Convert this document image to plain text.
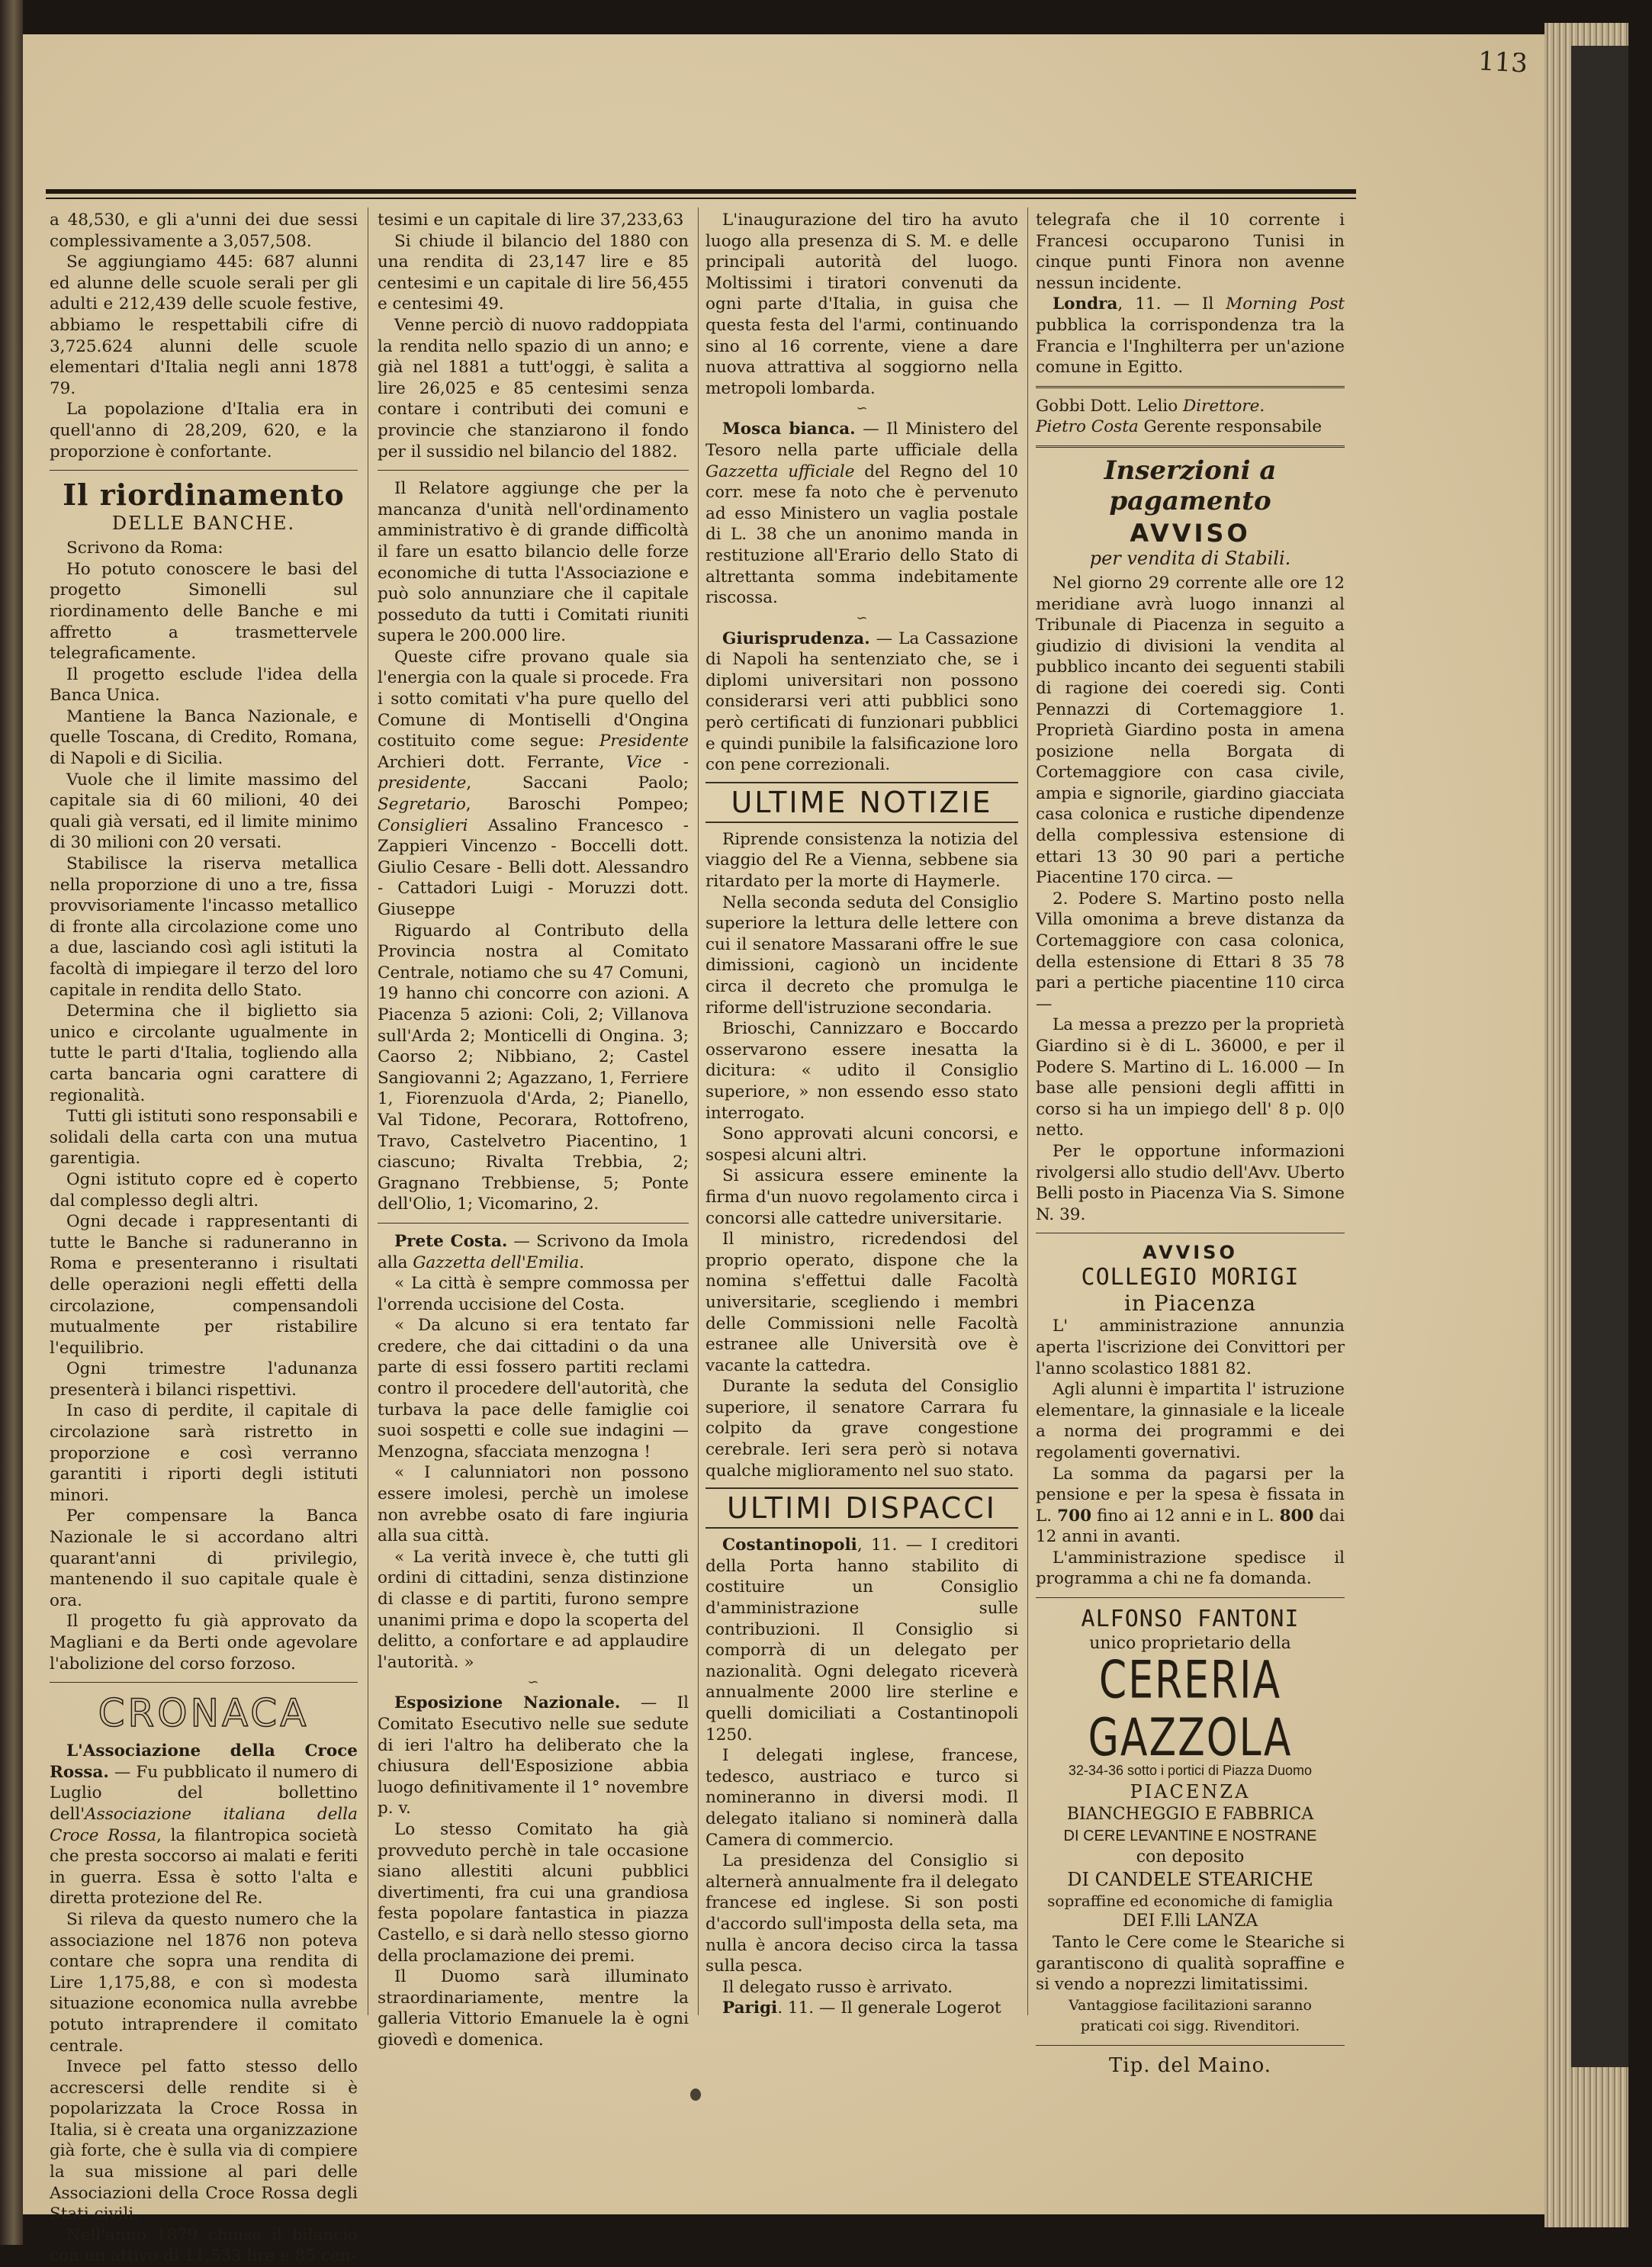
113

a 48,530, e gli a'unni dei due sessi complessivamente a 3,057,508.

Se aggiungiamo 445: 687 alunni ed alunne delle scuole serali per gli adulti e 212,439 delle scuole festive, abbiamo le respettabili cifre di 3,725.624 alunni delle scuole elementari d'Italia negli anni 1878 79.

La popolazione d'Italia era in quell'anno di 28,209, 620, e la proporzione è confortante.

Il riordinamento
DELLE BANCHE.

Scrivono da Roma:

Ho potuto conoscere le basi del progetto Simonelli sul riordinamento delle Banche e mi affretto a trasmettervele telegraficamente.

Il progetto esclude l'idea della Banca Unica.

Mantiene la Banca Nazionale, e quelle Toscana, di Credito, Romana, di Napoli e di Sicilia.

Vuole che il limite massimo del capitale sia di 60 milioni, 40 dei quali già versati, ed il limite minimo di 30 milioni con 20 versati.

Stabilisce la riserva metallica nella proporzione di uno a tre, fissa provvisoriamente l'incasso metallico di fronte alla circolazione come uno a due, lasciando così agli istituti la facoltà di impiegare il terzo del loro capitale in rendita dello Stato.

Determina che il biglietto sia unico e circolante ugualmente in tutte le parti d'Italia, togliendo alla carta bancaria ogni carattere di regionalità.

Tutti gli istituti sono responsabili e solidali della carta con una mutua garentigia.

Ogni istituto copre ed è coperto dal complesso degli altri.

Ogni decade i rappresentanti di tutte le Banche si raduneranno in Roma e presenteranno i risultati delle operazioni negli effetti della circolazione, compensandoli mutualmente per ristabilire l'equilibrio.

Ogni trimestre l'adunanza presenterà i bilanci rispettivi.

In caso di perdite, il capitale di circolazione sarà ristretto in proporzione e così verranno garantiti i riporti degli istituti minori.

Per compensare la Banca Nazionale le si accordano altri quarant'anni di privilegio, mantenendo il suo capitale quale è ora.

Il progetto fu già approvato da Magliani e da Berti onde agevolare l'abolizione del corso forzoso.

CRONACA

L'Associazione della Croce Rossa. — Fu pubblicato il numero di Luglio del bollettino dell'Associazione italiana della Croce Rossa, la filantropica società che presta soccorso ai malati e feriti in guerra. Essa è sotto l'alta e diretta protezione del Re.

Si rileva da questo numero che la associazione nel 1876 non poteva contare che sopra una rendita di Lire 1,175,88, e con sì modesta situazione economica nulla avrebbe potuto intraprendere il comitato centrale.

Invece pel fatto stesso dello accrescersi delle rendite si è popolarizzata la Croce Rossa in Italia, si è creata una organizzazione già forte, che è sulla via di compiere la sua missione al pari delle Associazioni della Croce Rossa degli Stati civili.

Nell'anno 1879 chiuse il bilancio con un attivo di 11,533 lire e 85 cen-

tesimi e un capitale di lire 37,233,63

Si chiude il bilancio del 1880 con una rendita di 23,147 lire e 85 centesimi e un capitale di lire 56,455 e centesimi 49.

Venne perciò di nuovo raddoppiata la rendita nello spazio di un anno; e già nel 1881 a tutt'oggi, è salita a lire 26,025 e 85 centesimi senza contare i contributi dei comuni e provincie che stanziarono il fondo per il sussidio nel bilancio del 1882.

Il Relatore aggiunge che per la mancanza d'unità nell'ordinamento amministrativo è di grande difficoltà il fare un esatto bilancio delle forze economiche di tutta l'Associazione e può solo annunziare che il capitale posseduto da tutti i Comitati riuniti supera le 200.000 lire.

Queste cifre provano quale sia l'energia con la quale si procede. Fra i sotto comitati v'ha pure quello del Comune di Montiselli d'Ongina costituito come segue: Presidente Archieri dott. Ferrante, Vice - presidente, Saccani Paolo; Segretario, Baroschi Pompeo; Consiglieri Assalino Francesco - Zappieri Vincenzo - Boccelli dott. Giulio Cesare - Belli dott. Alessandro - Cattadori Luigi - Moruzzi dott. Giuseppe

Riguardo al Contributo della Provincia nostra al Comitato Centrale, notiamo che su 47 Comuni, 19 hanno chi concorre con azioni. A Piacenza 5 azioni: Coli, 2; Villanova sull'Arda 2; Monticelli di Ongina. 3; Caorso 2; Nibbiano, 2; Castel Sangiovanni 2; Agazzano, 1, Ferriere 1, Fiorenzuola d'Arda, 2; Pianello, Val Tidone, Pecorara, Rottofreno, Travo, Castelvetro Piacentino, 1 ciascuno; Rivalta Trebbia, 2; Gragnano Trebbiense, 5; Ponte dell'Olio, 1; Vicomarino, 2.

Prete Costa. — Scrivono da Imola alla Gazzetta dell'Emilia.

« La città è sempre commossa per l'orrenda uccisione del Costa.

« Da alcuno si era tentato far credere, che dai cittadini o da una parte di essi fossero partiti reclami contro il procedere dell'autorità, che turbava la pace delle famiglie coi suoi sospetti e colle sue indagini — Menzogna, sfacciata menzogna !

« I calunniatori non possono essere imolesi, perchè un imolese non avrebbe osato di fare ingiuria alla sua città.

« La verità invece è, che tutti gli ordini di cittadini, senza distinzione di classe e di partiti, furono sempre unanimi prima e dopo la scoperta del delitto, a confortare e ad applaudire l'autorità. »

∽

Esposizione Nazionale. — Il Comitato Esecutivo nelle sue sedute di ieri l'altro ha deliberato che la chiusura dell'Esposizione abbia luogo definitivamente il 1° novembre p. v.

Lo stesso Comitato ha già provveduto perchè in tale occasione siano allestiti alcuni pubblici divertimenti, fra cui una grandiosa festa popolare fantastica in piazza Castello, e si darà nello stesso giorno della proclamazione dei premi.

Il Duomo sarà illuminato straordinariamente, mentre la galleria Vittorio Emanuele la è ogni giovedì e domenica.

L'inaugurazione del tiro ha avuto luogo alla presenza di S. M. e delle principali autorità del luogo. Moltissimi i tiratori convenuti da ogni parte d'Italia, in guisa che questa festa del l'armi, continuando sino al 16 corrente, viene a dare nuova attrattiva al soggiorno nella metropoli lombarda.

∽

Mosca bianca. — Il Ministero del Tesoro nella parte ufficiale della Gazzetta ufficiale del Regno del 10 corr. mese fa noto che è pervenuto ad esso Ministero un vaglia postale di L. 38 che un anonimo manda in restituzione all'Erario dello Stato di altrettanta somma indebitamente riscossa.

∽

Giurisprudenza. — La Cassazione di Napoli ha sentenziato che, se i diplomi universitari non possono considerarsi veri atti pubblici sono però certificati di funzionari pubblici e quindi punibile la falsificazione loro con pene correzionali.

ULTIME NOTIZIE

Riprende consistenza la notizia del viaggio del Re a Vienna, sebbene sia ritardato per la morte di Haymerle.

Nella seconda seduta del Consiglio superiore la lettura delle lettere con cui il senatore Massarani offre le sue dimissioni, cagionò un incidente circa il decreto che promulga le riforme dell'istruzione secondaria.

Brioschi, Cannizzaro e Boccardo osservarono essere inesatta la dicitura: « udito il Consiglio superiore, » non essendo esso stato interrogato.

Sono approvati alcuni concorsi, e sospesi alcuni altri.

Si assicura essere eminente la firma d'un nuovo regolamento circa i concorsi alle cattedre universitarie.

Il ministro, ricredendosi del proprio operato, dispone che la nomina s'effettui dalle Facoltà universitarie, scegliendo i membri delle Commissioni nelle Facoltà estranee alle Università ove è vacante la cattedra.

Durante la seduta del Consiglio superiore, il senatore Carrara fu colpito da grave congestione cerebrale. Ieri sera però si notava qualche miglioramento nel suo stato.

ULTIMI DISPACCI

Costantinopoli, 11. — I creditori della Porta hanno stabilito di costituire un Consiglio d'amministrazione sulle contribuzioni. Il Consiglio si comporrà di un delegato per nazionalità. Ogni delegato riceverà annualmente 2000 lire sterline e quelli domiciliati a Costantinopoli 1250.

I delegati inglese, francese, tedesco, austriaco e turco si nomineranno in diversi modi. Il delegato italiano si nominerà dalla Camera di commercio.

La presidenza del Consiglio si alternerà annualmente fra il delegato francese ed inglese. Si son posti d'accordo sull'imposta della seta, ma nulla è ancora deciso circa la tassa sulla pesca.

Il delegato russo è arrivato.

Parigi. 11. — Il generale Logerot

telegrafa che il 10 corrente i Francesi occuparono Tunisi in cinque punti Finora non avenne nessun incidente.

Londra, 11. — Il Morning Post pubblica la corrispondenza tra la Francia e l'Inghilterra per un'azione comune in Egitto.

Gobbi Dott. Lelio Direttore.

Pietro Costa Gerente responsabile

Inserzioni a pagamento
AVVISO
per vendita di Stabili.

Nel giorno 29 corrente alle ore 12 meridiane avrà luogo innanzi al Tribunale di Piacenza in seguito a giudizio di divisioni la vendita al pubblico incanto dei seguenti stabili di ragione dei coeredi sig. Conti Pennazzi di Cortemaggiore 1. Proprietà Giardino posta in amena posizione nella Borgata di Cortemaggiore con casa civile, ampia e signorile, giardino giacciata casa colonica e rustiche dipendenze della complessiva estensione di ettari 13 30 90 pari a pertiche Piacentine 170 circa. —

2. Podere S. Martino posto nella Villa omonima a breve distanza da Cortemaggiore con casa colonica, della estensione di Ettari 8 35 78 pari a pertiche piacentine 110 circa —

La messa a prezzo per la proprietà Giardino si è di L. 36000, e per il Podere S. Martino di L. 16.000 — In base alle pensioni degli affitti in corso si ha un impiego dell' 8 p. 0|0 netto.

Per le opportune informazioni rivolgersi allo studio dell'Avv. Uberto Belli posto in Piacenza Via S. Simone N. 39.

AVVISO
COLLEGIO MORIGI
in Piacenza

L' amministrazione annunzia aperta l'iscrizione dei Convittori per l'anno scolastico 1881 82.

Agli alunni è impartita l' istruzione elementare, la ginnasiale e la liceale a norma dei programmi e dei regolamenti governativi.

La somma da pagarsi per la pensione e per la spesa è fissata in L. 700 fino ai 12 anni e in L. 800 dai 12 anni in avanti.

L'amministrazione spedisce il programma a chi ne fa domanda.

ALFONSO FANTONI
unico proprietario della
CERERIA GAZZOLA
32-34-36 sotto i portici di Piazza Duomo
PIACENZA
BIANCHEGGIO E FABBRICA
DI CERE LEVANTINE E NOSTRANE
con deposito
DI CANDELE STEARICHE
sopraffine ed economiche di famiglia
DEI F.lli LANZA

Tanto le Cere come le Steariche si garantiscono di qualità sopraffine e si vendo a noprezzi limitatissimi.

Vantaggiose facilitazioni saranno praticati coi sigg. Rivenditori.

Tip. del Maino.
